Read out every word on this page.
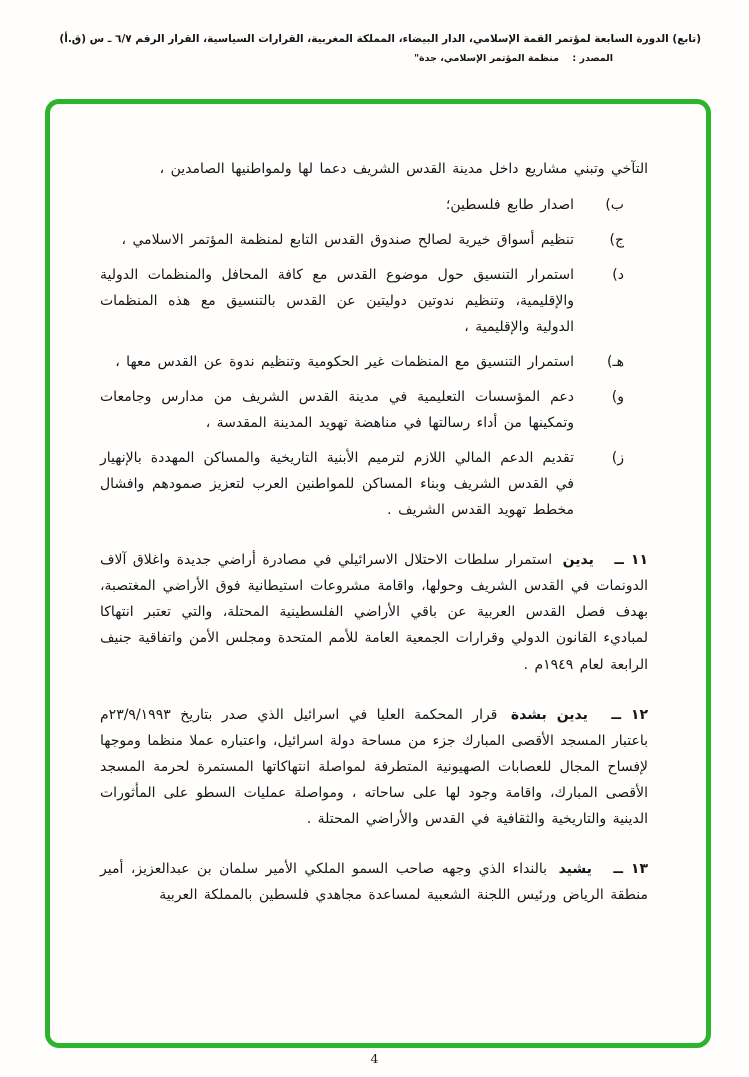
(تابع) الدورة السابعة لمؤتمر القمة الإسلامي، الدار البيضاء، المملكة المغربية، القرارات السياسية، القرار الرقم ٦/٧ ـ س (ق.أ)
المصدر : منظمة المؤتمر الإسلامي، جدة"

التآخي وتبني مشاريع داخل مدينة القدس الشريف دعما لها ولمواطنيها الصامدين ،

ب)
اصدار طابع فلسطين؛
ج)
تنظيم أسواق خيرية لصالح صندوق القدس التابع لمنظمة المؤتمر الاسلامي ،
د)
استمرار التنسيق حول موضوع القدس مع كافة المحافل والمنظمات الدولية والإقليمية، وتنظيم ندوتين دوليتين عن القدس بالتنسيق مع هذه المنظمات الدولية والإقليمية ،
هـ)
استمرار التنسيق مع المنظمات غير الحكومية وتنظيم ندوة عن القدس معها ،
و)
دعم المؤسسات التعليمية في مدينة القدس الشريف من مدارس وجامعات وتمكينها من أداء رسالتها في مناهضة تهويد المدينة المقدسة ،
ز)
تقديم الدعم المالي اللازم لترميم الأبنية التاريخية والمساكن المهددة بالإنهيار في القدس الشريف وبناء المساكن للمواطنين العرب لتعزيز صمودهم وافشال مخطط تهويد القدس الشريف .

١١ ــ يدين استمرار سلطات الاحتلال الاسرائيلي في مصادرة أراضي جديدة واغلاق آلاف الدونمات في القدس الشريف وحولها، واقامة مشروعات استيطانية فوق الأراضي المغتصبة، بهدف فصل القدس العربية عن باقي الأراضي الفلسطينية المحتلة، والتي تعتبر انتهاكا لمباديء القانون الدولي وقرارات الجمعية العامة للأمم المتحدة ومجلس الأمن واتفاقية جنيف الرابعة لعام ١٩٤٩م .

١٢ ــ يدين بشدة قرار المحكمة العليا في اسرائيل الذي صدر بتاريخ ٢٣/٩/١٩٩٣م باعتبار المسجد الأقصى المبارك جزء من مساحة دولة اسرائيل، واعتباره عملا منظما وموجها لإفساح المجال للعصابات الصهيونية المتطرفة لمواصلة انتهاكاتها المستمرة لحرمة المسجد الأقصى المبارك، واقامة وجود لها على ساحاته ، ومواصلة عمليات السطو على المأثورات الدينية والتاريخية والثقافية في القدس والأراضي المحتلة .

١٣ ــ يشيد بالنداء الذي وجهه صاحب السمو الملكي الأمير سلمان بن عبدالعزيز، أمير منطقة الرياض ورئيس اللجنة الشعبية لمساعدة مجاهدي فلسطين بالمملكة العربية

4
